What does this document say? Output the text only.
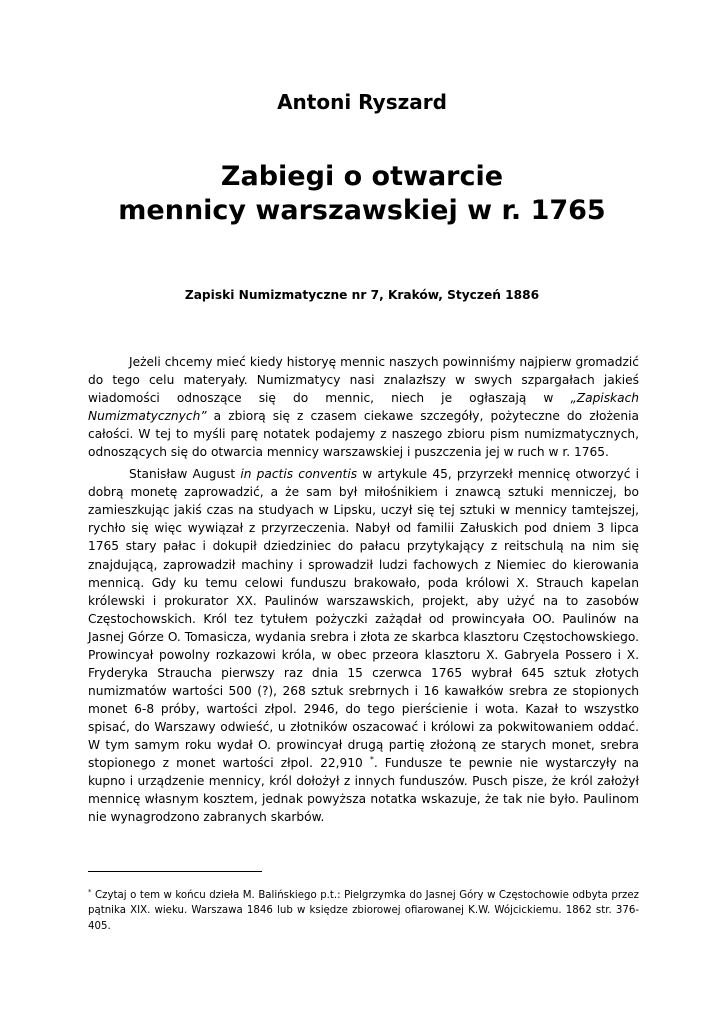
Antoni Ryszard
Zabiegi o otwarcie
mennicy warszawskiej w r. 1765

Zapiski Numizmatyczne nr 7, Kraków, Styczeń 1886

Jeżeli chcemy mieć kiedy historyę mennic naszych powinniśmy najpierw gromadzić do tego celu materyały. Numizmatycy nasi znalazłszy w swych szpargałach jakieś wiadomości odnoszące się do mennic, niech je ogłaszają w „Zapiskach Numizmatycznych” a zbiorą się z czasem ciekawe szczegóły, pożyteczne do złożenia całości. W tej to myśli parę notatek podajemy z naszego zbioru pism numizmatycznych, odnoszących się do otwarcia mennicy warszawskiej i puszczenia jej w ruch w r. 1765.

Stanisław August in pactis conventis w artykule 45, przyrzekł mennicę otworzyć i dobrą monetę zaprowadzić, a że sam był miłośnikiem i znawcą sztuki menniczej, bo zamieszkując jakiś czas na studyach w Lipsku, uczył się tej sztuki w mennicy tamtejszej, rychło się więc wywiązał z przyrzeczenia. Nabył od familii Załuskich pod dniem 3 lipca 1765 stary pałac i dokupił dziedziniec do pałacu przytykający z reitschulą na nim się znajdującą, zaprowadził machiny i sprowadził ludzi fachowych z Niemiec do kierowania mennicą. Gdy ku temu celowi funduszu brakowało, poda królowi X. Strauch kapelan królewski i prokurator XX. Paulinów warszawskich, projekt, aby użyć na to zasobów Częstochowskich. Król tez tytułem pożyczki zażądał od prowincyała OO. Paulinów na Jasnej Górze O. Tomasicza, wydania srebra i złota ze skarbca klasztoru Częstochowskiego. Prowincyał powolny rozkazowi króla, w obec przeora klasztoru X. Gabryela Possero i X. Fryderyka Straucha pierwszy raz dnia 15 czerwca 1765 wybrał 645 sztuk złotych numizmatów wartości 500 (?), 268 sztuk srebrnych i 16 kawałków srebra ze stopionych monet 6-8 próby, wartości złpol. 2946, do tego pierścienie i wota. Kazał to wszystko spisać, do Warszawy odwieść, u złotników oszacować i królowi za pokwitowaniem oddać. W tym samym roku wydał O. prowincyał drugą partię złożoną ze starych monet, srebra stopionego z monet wartości złpol. 22,910 *. Fundusze te pewnie nie wystarczyły na kupno i urządzenie mennicy, król dołożył z innych funduszów. Pusch pisze, że król założył mennicę własnym kosztem, jednak powyższa notatka wskazuje, że tak nie było. Paulinom nie wynagrodzono zabranych skarbów.

* Czytaj o tem w końcu dzieła M. Balińskiego p.t.: Pielgrzymka do Jasnej Góry w Częstochowie odbyta przez pątnika XIX. wieku. Warszawa 1846 lub w księdze zbiorowej ofiarowanej K.W. Wójcickiemu. 1862 str. 376-405.
